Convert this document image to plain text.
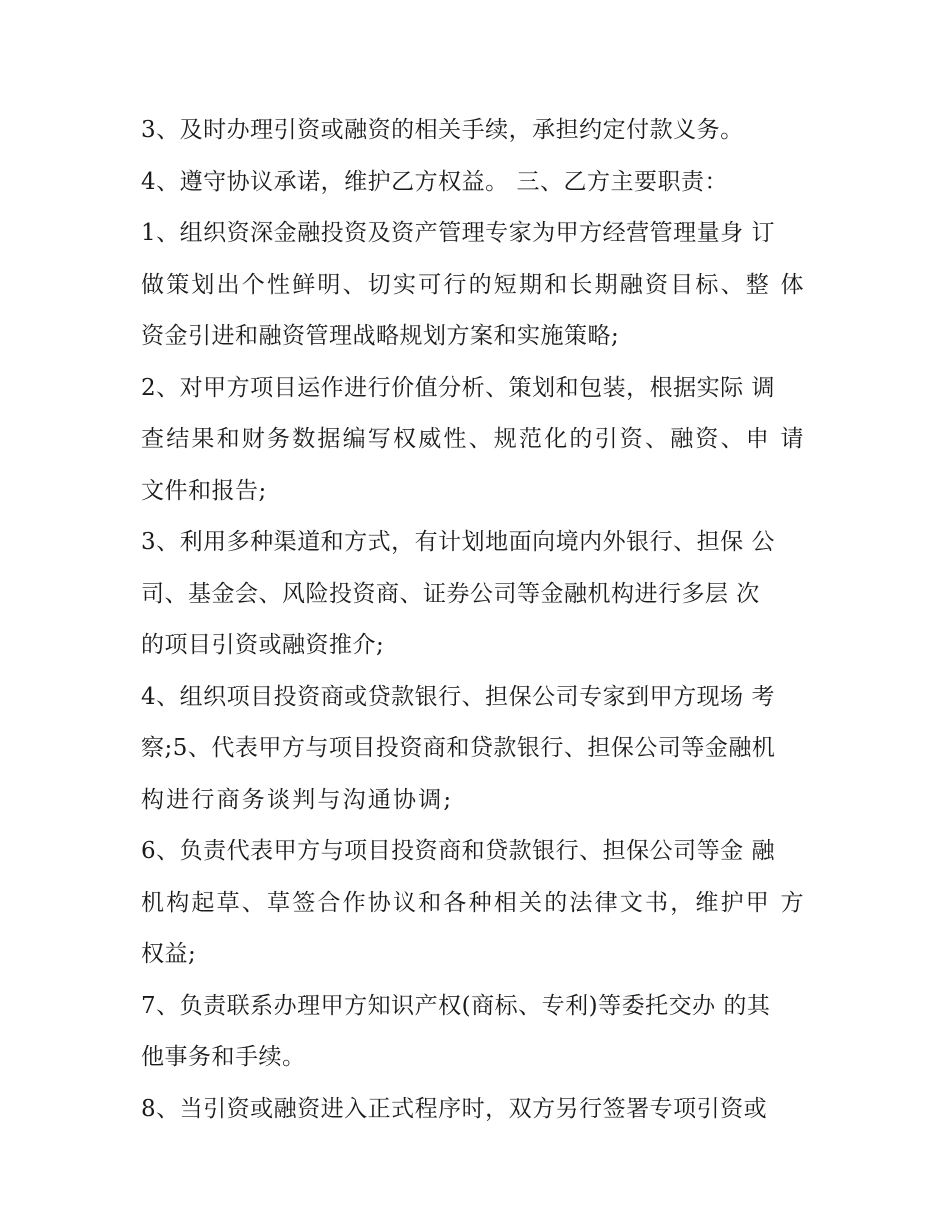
3、及时办理引资或融资的相关手续，承担约定付款义务。
4、遵守协议承诺，维护乙方权益。 三、乙方主要职责：
1、组织资深金融投资及资产管理专家为甲方经营管理量身 订
做策划出个性鲜明、切实可行的短期和长期融资目标、整 体
资金引进和融资管理战略规划方案和实施策略;
2、对甲方项目运作进行价值分析、策划和包装，根据实际 调
查结果和财务数据编写权威性、规范化的引资、融资、申 请
文件和报告;
3、利用多种渠道和方式，有计划地面向境内外银行、担保 公
司、基金会、风险投资商、证券公司等金融机构进行多层 次
的项目引资或融资推介;
4、组织项目投资商或贷款银行、担保公司专家到甲方现场 考
察;5、代表甲方与项目投资商和贷款银行、担保公司等金融机
构进行商务谈判与沟通协调;
6、负责代表甲方与项目投资商和贷款银行、担保公司等金 融
机构起草、草签合作协议和各种相关的法律文书，维护甲 方
权益;
7、负责联系办理甲方知识产权(商标、专利)等委托交办 的其
他事务和手续。
8、当引资或融资进入正式程序时，双方另行签署专项引资或
